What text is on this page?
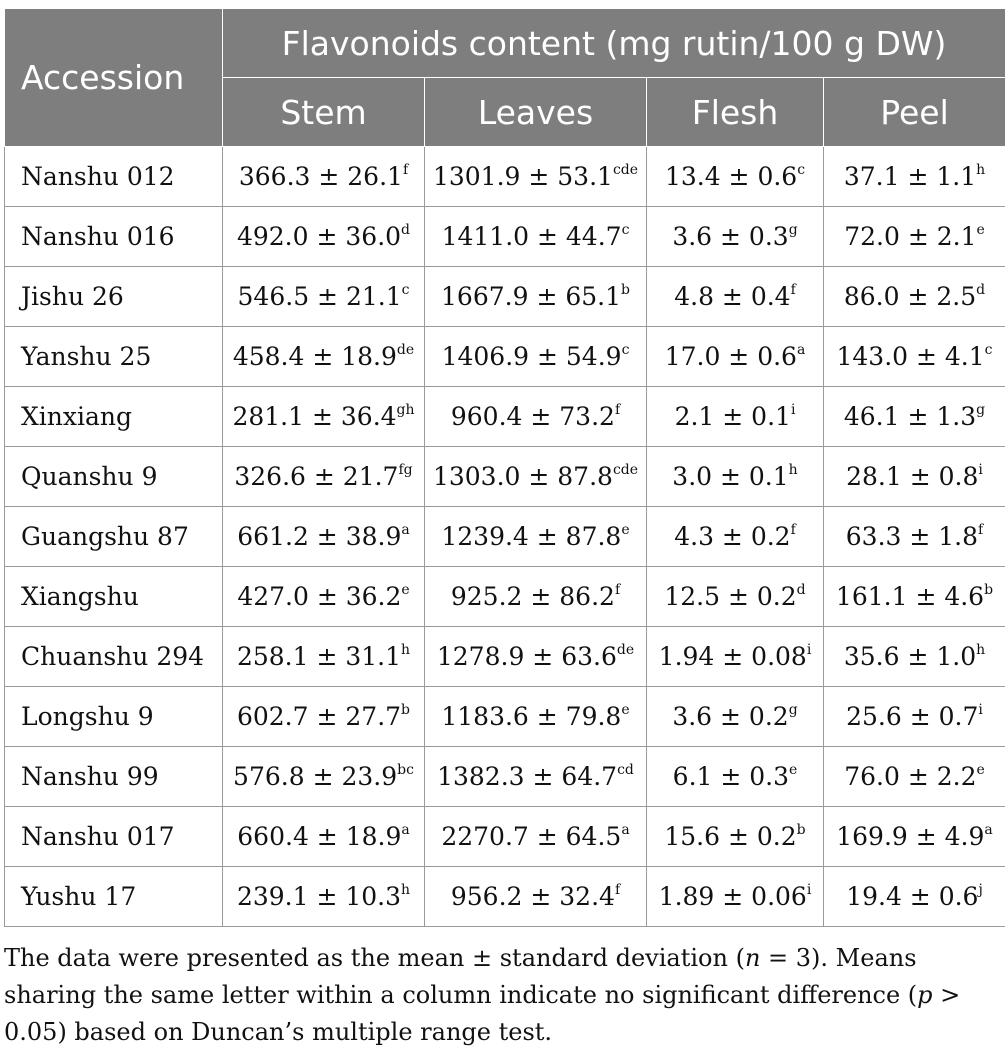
Accession	Flavonoids content (mg rutin/100 g DW)			
	Stem	Leaves	Flesh	Peel
Nanshu 012	366.3 ± 26.1$^f$	1301.9 ± 53.1$^{cde}$	13.4 ± 0.6$^c$	37.1 ± 1.1$^h$
Nanshu 016	492.0 ± 36.0$^d$	1411.0 ± 44.7$^c$	3.6 ± 0.3$^g$	72.0 ± 2.1$^e$
Jishu 26	546.5 ± 21.1$^c$	1667.9 ± 65.1$^b$	4.8 ± 0.4$^f$	86.0 ± 2.5$^d$
Yanshu 25	458.4 ± 18.9de	1406.9 ± 54.9$^c$	17.0 ± 0.6$^a$	143.0 ± 4.1$^c$
Xinxiang	281.1 ± 36.4$^{gh}$	960.4 ± 73.2$^f$	$2.1 \pm 0.1^i$	46.1 ± 1.3$^g$
Quanshu 9	326.6 ± 21.7$^{fg}$	1303.0 ± 87.8$^{cde}$	3.0 ± 0.1$^h$	$28.1 \pm 0.8^i$
Guangshu 87	661.2 ± 38.9$^a$	1239.4 ± 87.8$^e$	4.3 ± 0.2$^f$	63.3 ± 1.8$^f$
Xiangshu	427.0 ± 36.2$^e$	925.2 ± 86.2$^f$	12.5 ± 0.2$^d$	161.1 ± 4.6$^b$
Chuanshu 294	258.1 ± 31.1$^h$	1278.9 ± 63.6de	$1.94 \pm 0.08^i$	35.6 ± 1.0$^h$
Longshu 9	602.7 ± 27.7$^b$	1183.6 ± 79.8$^e$	3.6 ± 0.2$^g$	$25.6 \pm 0.7^i$
Nanshu 99	576.8 ± 23.9$^{bc}$	1382.3 ± 64.7$^{cd}$	6.1 ± 0.3$^e$	76.0 ± 2.2$^e$
Nanshu 017	660.4 ± 18.9$^a$	2270.7 ± 64.5$^a$	15.6 ± 0.2$^b$	169.9 ± 4.9$^a$
Yushu 17	239.1 ± 10.3$^h$	956.2 ± 32.4$^f$	$1.89 \pm 0.06^i$	$19.4 \pm 0.6^j$

The data were presented as the mean ± standard deviation (n = 3). Means sharing the same letter within a column indicate no significant difference (p > 0.05) based on Duncan’s multiple range test.
